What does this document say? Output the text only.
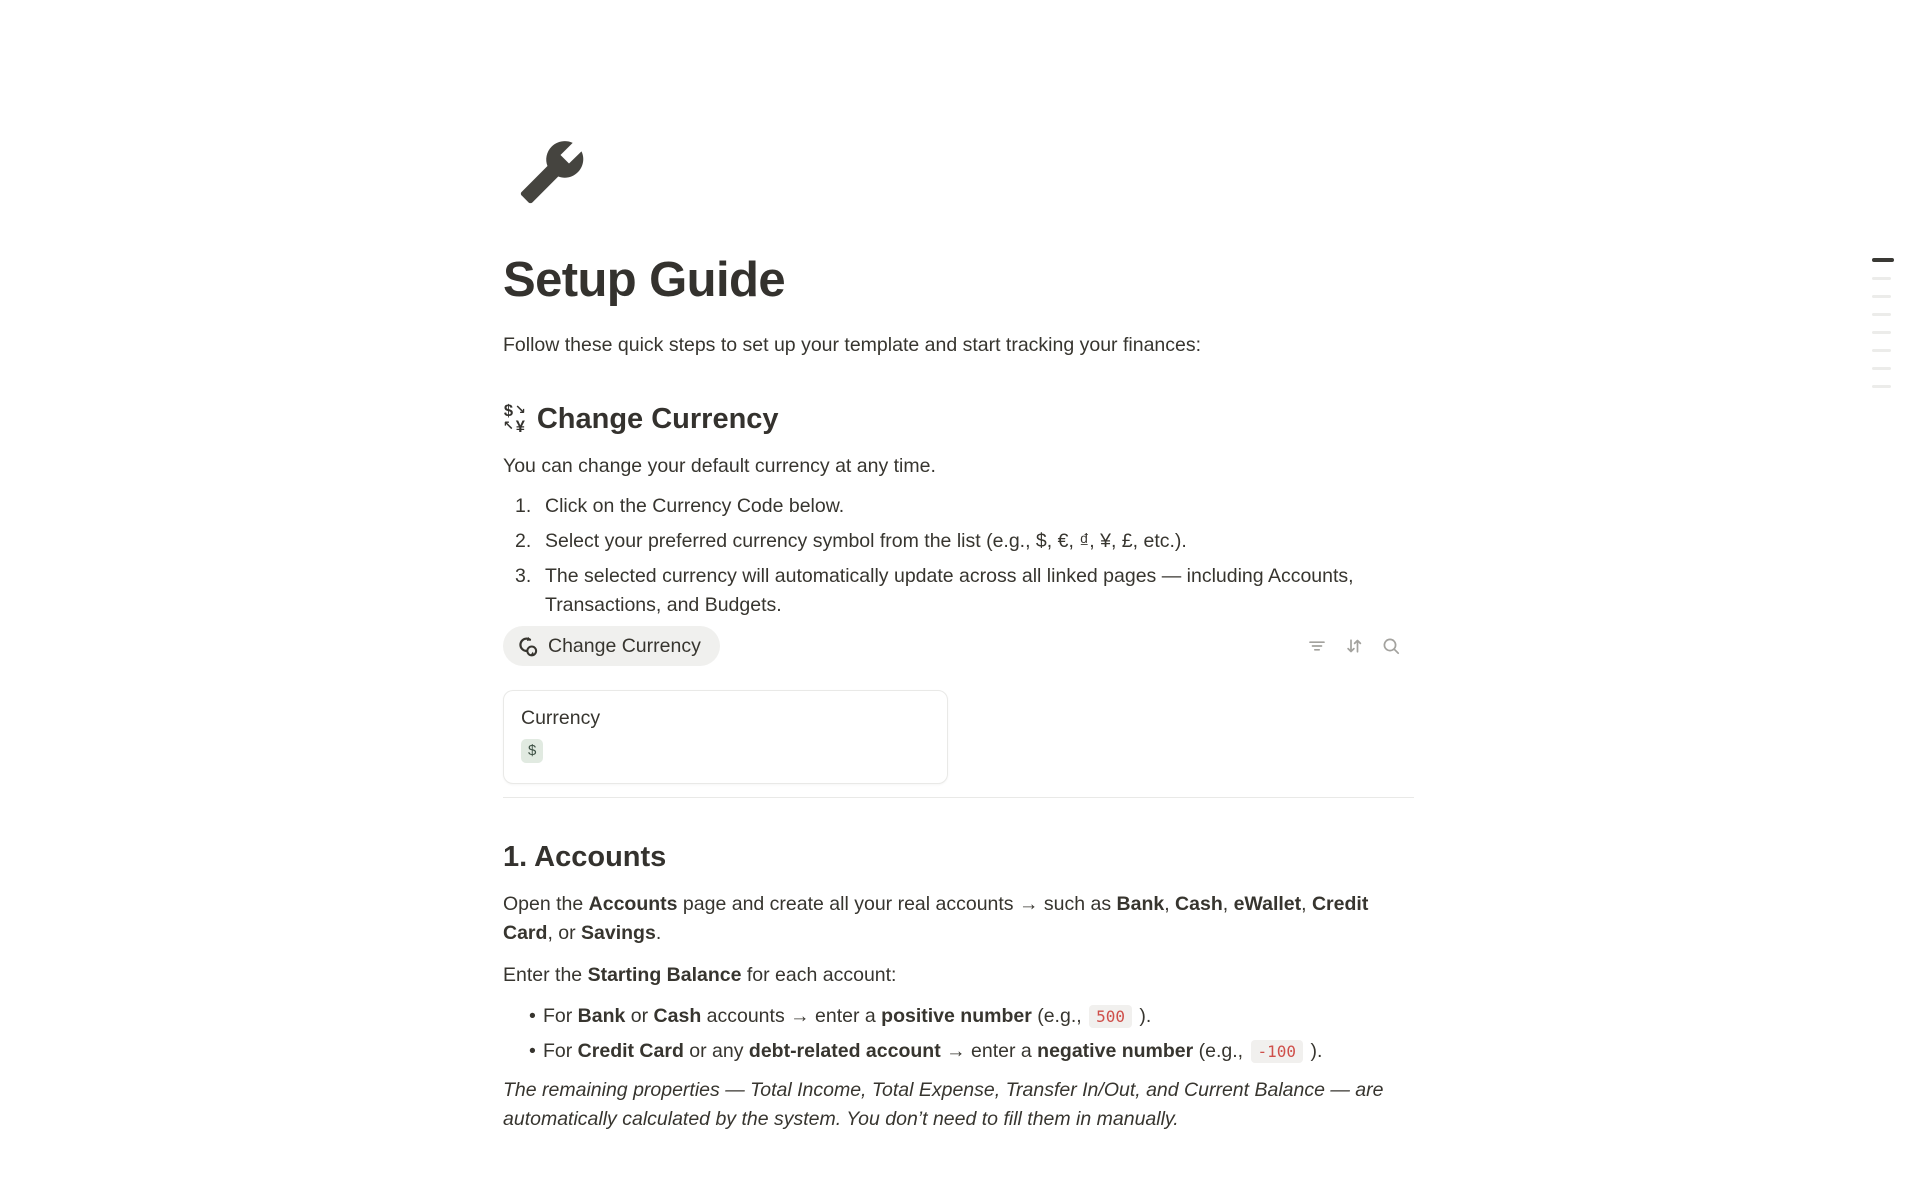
Setup Guide

Follow these quick steps to set up your template and start tracking your finances:

$ ↘
↖ ¥ Change Currency

You can change your default currency at any time.

1. Click on the Currency Code below.
2. Select your preferred currency symbol from the list (e.g., $, €, ₫, ¥, £, etc.).
3. The selected currency will automatically update across all linked pages — including Accounts, Transactions, and Budgets.
Change Currency
Currency
$
1. Accounts

Open the Accounts page and create all your real accounts → such as Bank, Cash, eWallet, Credit Card, or Savings.

Enter the Starting Balance for each account:

• For Bank or Cash accounts → enter a positive number (e.g., 500 ).
• For Credit Card or any debt-related account → enter a negative number (e.g., -100 ).

The remaining properties — Total Income, Total Expense, Transfer In/Out, and Current Balance — are automatically calculated by the system. You don’t need to fill them in manually.
